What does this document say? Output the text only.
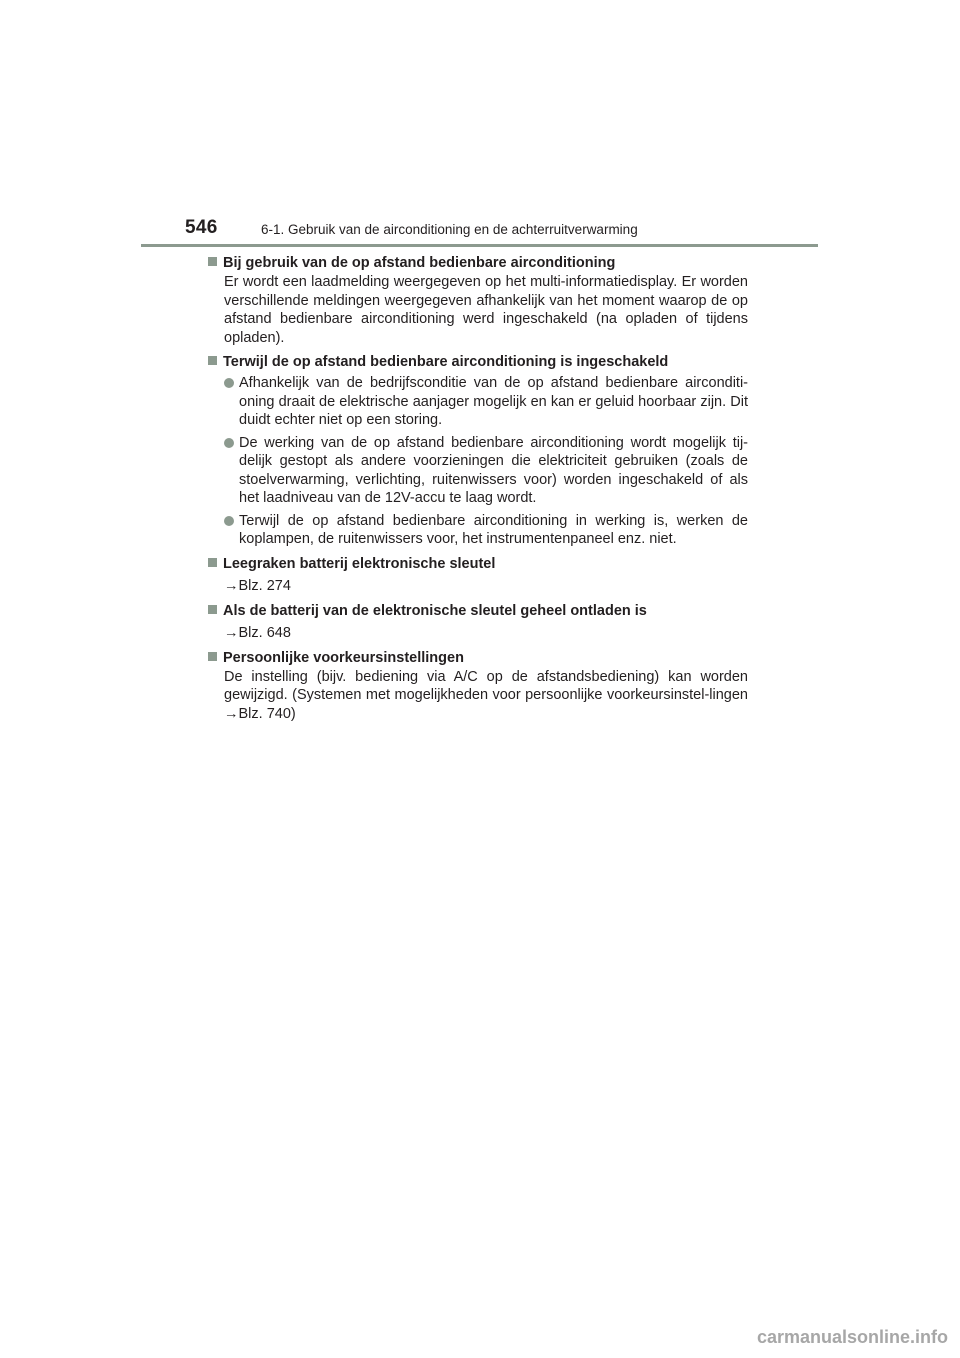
546	6-1. Gebruik van de airconditioning en de achterruitverwarming
Bij gebruik van de op afstand bedienbare airconditioning
Er wordt een laadmelding weergegeven op het multi-informatiedisplay. Er worden verschillende meldingen weergegeven afhankelijk van het moment waarop de op afstand bedienbare airconditioning werd ingeschakeld (na opladen of tijdens opladen).
Terwijl de op afstand bedienbare airconditioning is ingeschakeld
Afhankelijk van de bedrijfsconditie van de op afstand bedienbare airconditi-oning draait de elektrische aanjager mogelijk en kan er geluid hoorbaar zijn. Dit duidt echter niet op een storing.
De werking van de op afstand bedienbare airconditioning wordt mogelijk tij-delijk gestopt als andere voorzieningen die elektriciteit gebruiken (zoals de stoelverwarming, verlichting, ruitenwissers voor) worden ingeschakeld of als het laadniveau van de 12V-accu te laag wordt.
Terwijl de op afstand bedienbare airconditioning in werking is, werken de koplampen, de ruitenwissers voor, het instrumentenpaneel enz. niet.
Leegraken batterij elektronische sleutel
→Blz. 274
Als de batterij van de elektronische sleutel geheel ontladen is
→Blz. 648
Persoonlijke voorkeursinstellingen
De instelling (bijv. bediening via A/C op de afstandsbediening) kan worden gewijzigd. (Systemen met mogelijkheden voor persoonlijke voorkeursinstel-lingen →Blz. 740)
carmanualsonline.info
